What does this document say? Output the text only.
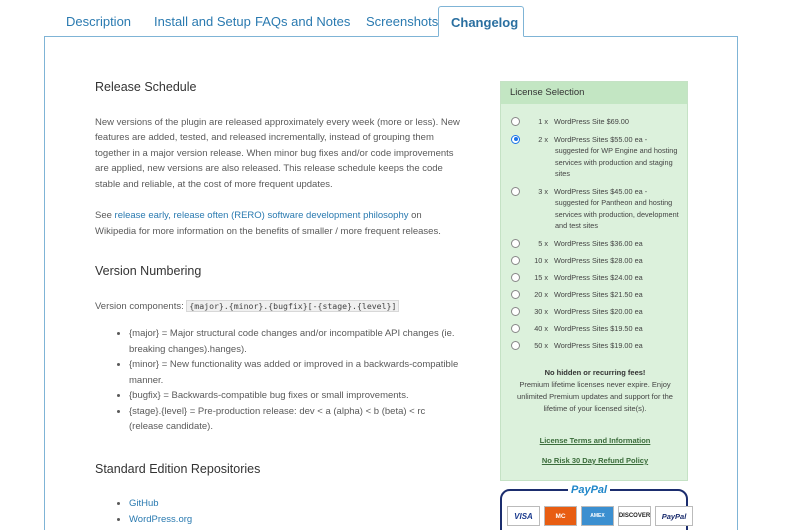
Description	Install and Setup FAQs and Notes	Screenshots Changelog
Release Schedule

New versions of the plugin are released approximately every week (more or less). New features are added, tested, and released incrementally, instead of grouping them together in a major version release. When minor bug fixes and/or code improvements are applied, new versions are also released. This release schedule keeps the code stable and reliable, at the cost of more frequent updates.

See release early, release often (RERO) software development philosophy on Wikipedia for more information on the benefits of smaller / more frequent releases.

Version Numbering
Version components: {major}.{minor}.{bugfix}[-{stage}.{level}]
• {major} = Major structural code changes and/or incompatible API changes (ie. breaking changes).hanges).
• {minor} = New functionality was added or improved in a backwards-compatible manner.
• {bugfix} = Backwards-compatible bug fixes or small improvements.
• {stage}.{level} = Pre-production release: dev < a (alpha) < b (beta) < rc (release candidate).
Standard Edition Repositories
• GitHub
• WordPress.org
License Selection
1 x WordPress Site $69.00
2 x WordPress Sites $55.00 ea -
suggested for WP Engine and hosting services with production and staging sites
3 x WordPress Sites $45.00 ea -
suggested for Pantheon and hosting services with production, development and test sites
5 x WordPress Sites $36.00 ea
10 x WordPress Sites $28.00 ea
15 x WordPress Sites $24.00 ea
20 x WordPress Sites $21.50 ea
30 x WordPress Sites $20.00 ea
40 x WordPress Sites $19.50 ea
50 x WordPress Sites $19.00 ea
No hidden or recurring fees!

Premium lifetime licenses never expire. Enjoy unlimited Premium updates and support for the lifetime of your licensed site(s).
License Terms and Information
No Risk 30 Day Refund Policy
PayPal
VISA	MC	AMEX	DISCOVER	PayPal
